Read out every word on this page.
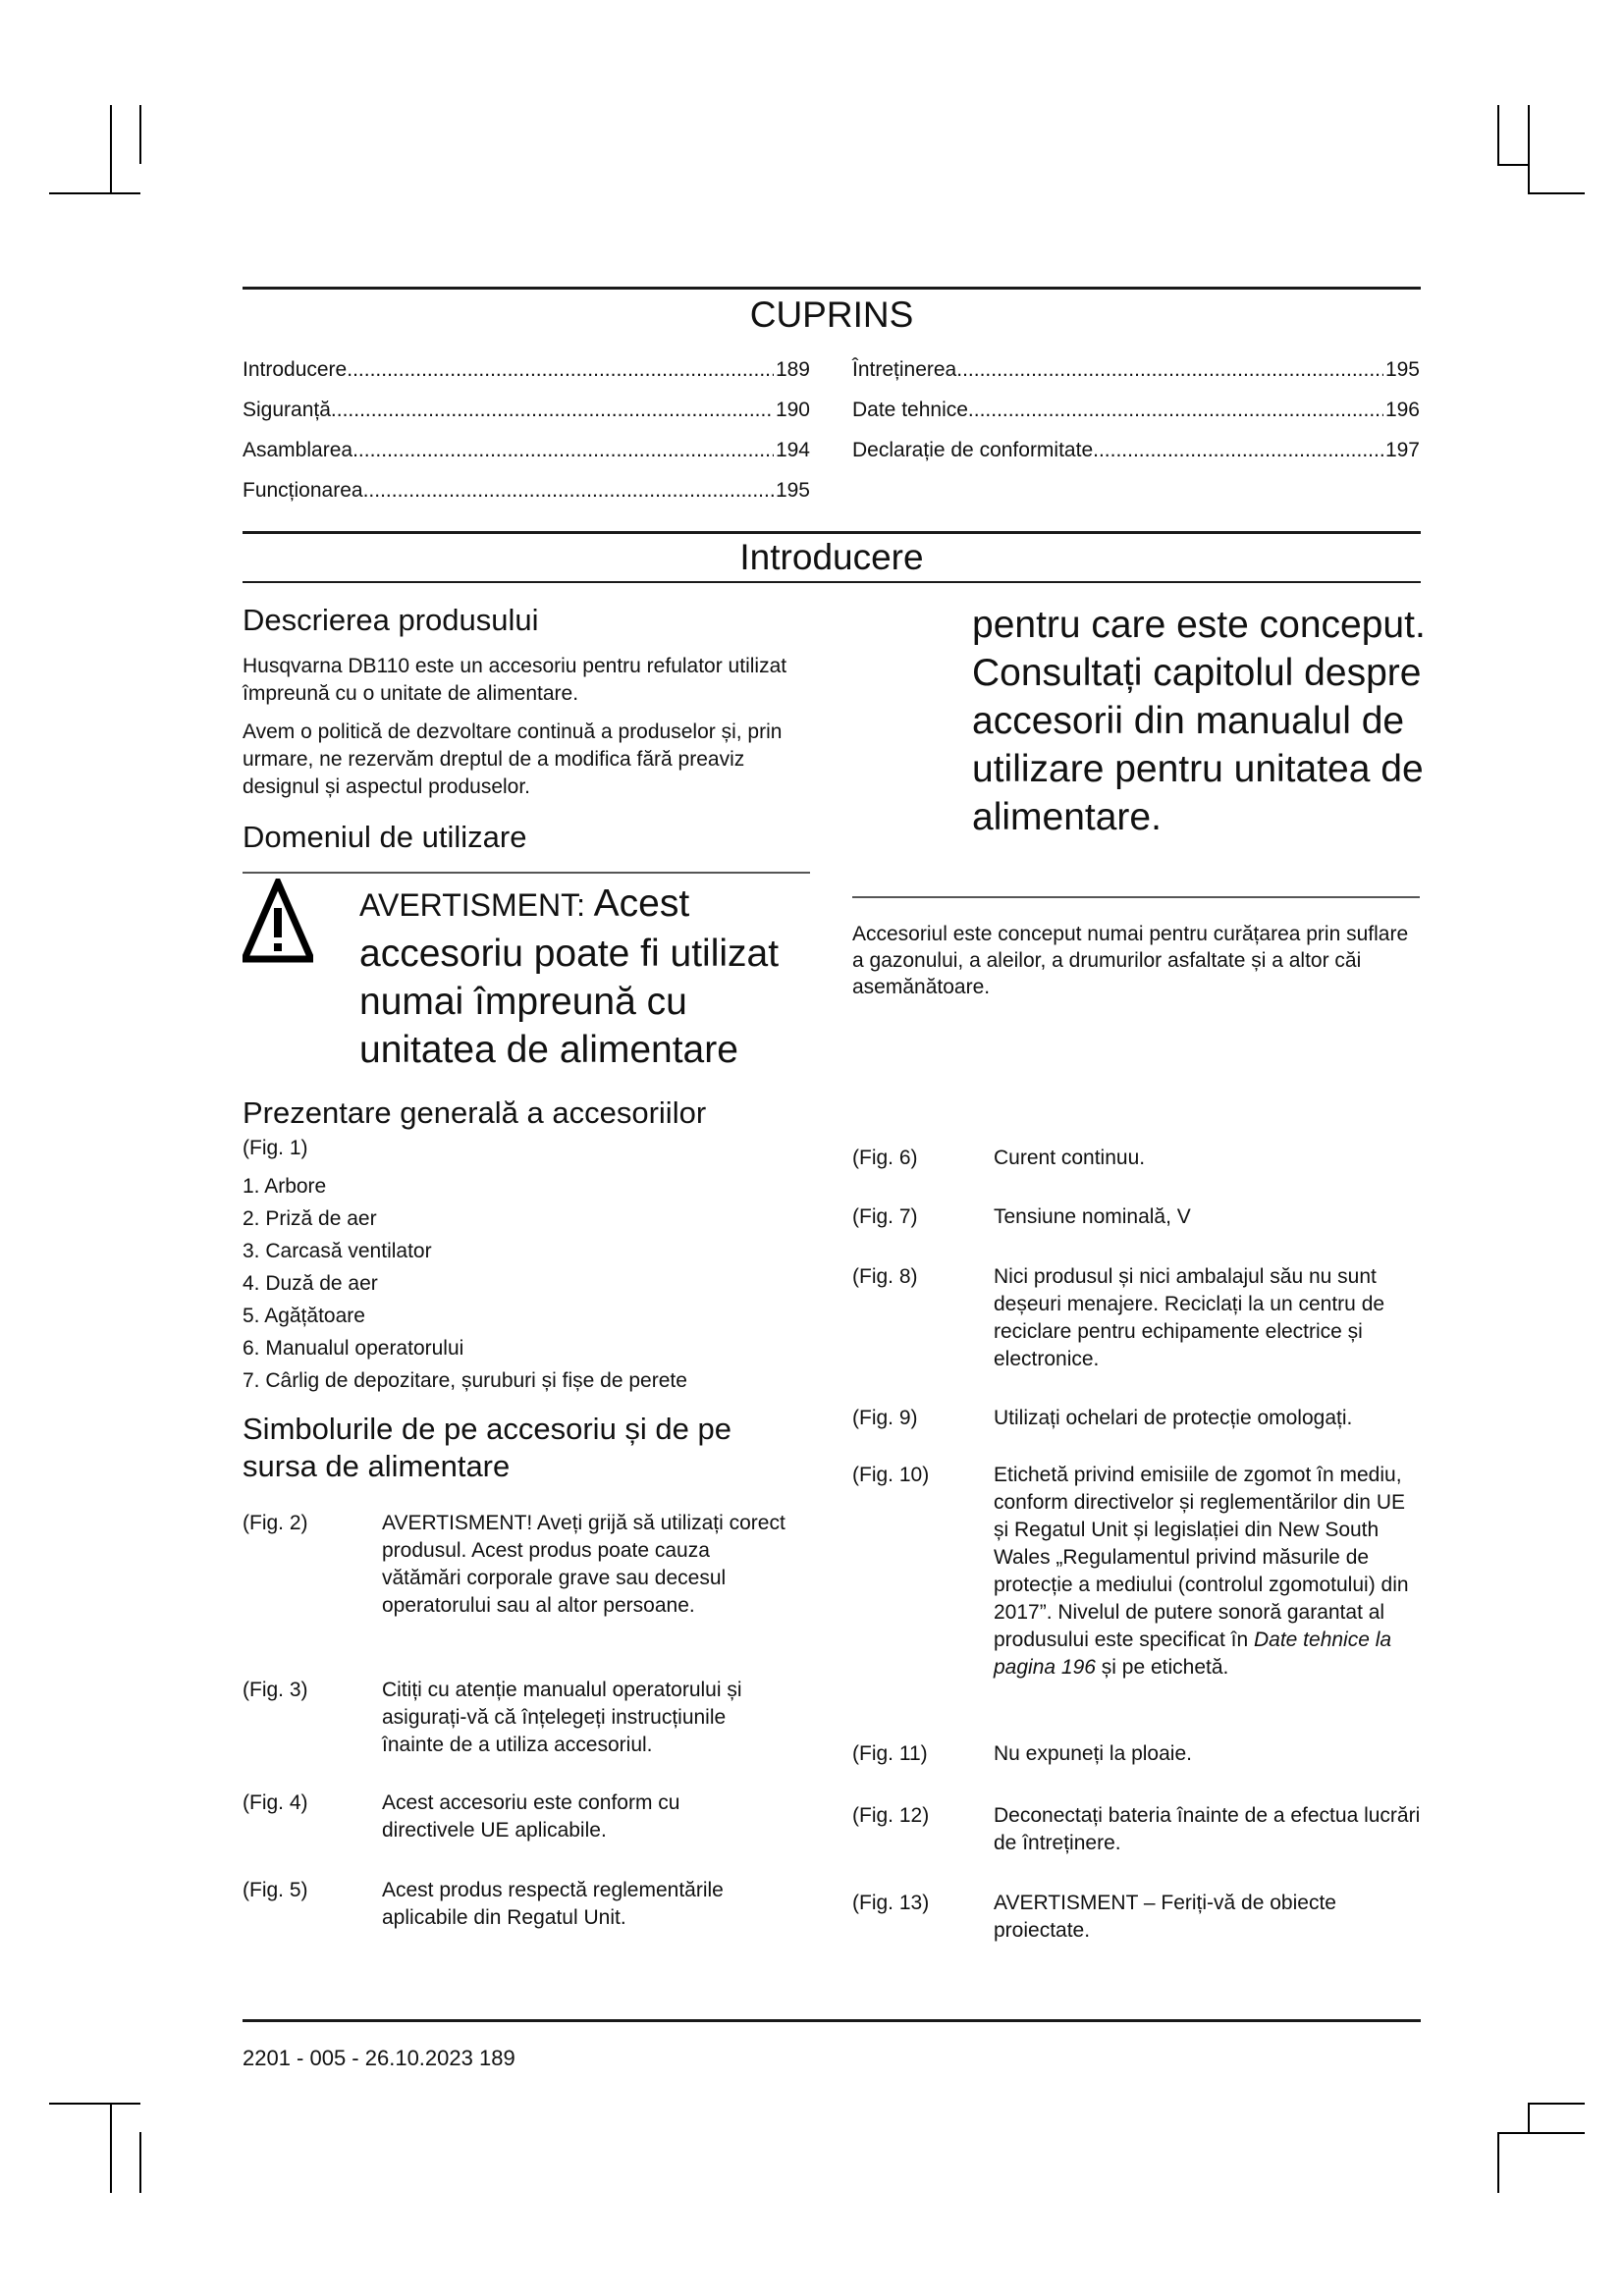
CUPRINS
Introducere .....	189
Siguranță .....	190
Asamblarea .....	194
Funcționarea .....	195
Întreținerea .....	195
Date tehnice .....	196
Declarație de conformitate .....	197
Introducere
Descrierea produsului

Husqvarna DB110 este un accesoriu pentru refulator utilizat împreună cu o unitate de alimentare.

Avem o politică de dezvoltare continuă a produselor și, prin urmare, ne rezervăm dreptul de a modifica fără preaviz designul și aspectul produselor.

Domeniul de utilizare

AVERTISMENT: Acest accesoriu poate fi utilizat numai împreună cu unitatea de alimentare

Prezentare generală a accesoriilor

(Fig. 1)

1. Arbore
2. Priză de aer
3. Carcasă ventilator
4. Duză de aer
5. Agățătoare
6. Manualul operatorului
7. Cârlig de depozitare, șuruburi și fișe de perete
Simbolurile de pe accesoriu și de pe
sursa de alimentare
(Fig. 2)	AVERTISMENT! Aveți grijă să utilizați corect produsul. Acest produs poate cauza vătămări corporale grave sau decesul operatorului sau al altor persoane.
(Fig. 3)	Citiți cu atenție manualul operatorului și asigurați-vă că înțelegeți instrucțiunile înainte de a utiliza accesoriul.
(Fig. 4)	Acest accesoriu este conform cu directivele UE aplicabile.
(Fig. 5)	Acest produs respectă reglementările aplicabile din Regatul Unit.

pentru care este conceput. Consultați capitolul despre accesorii din manualul de utilizare pentru unitatea de alimentare.

Accesoriul este conceput numai pentru curățarea prin suflare a gazonului, a aleilor, a drumurilor asfaltate și a altor căi asemănătoare.

(Fig. 6)	Curent continuu.
(Fig. 7)	Tensiune nominală, V
(Fig. 8)	Nici produsul și nici ambalajul său nu sunt deșeuri menajere. Reciclați la un centru de reciclare pentru echipamente electrice și electronice.
(Fig. 9)	Utilizați ochelari de protecție omologați.
(Fig. 10)	Etichetă privind emisiile de zgomot în mediu, conform directivelor și reglementărilor din UE și Regatul Unit și legislației din New South Wales „Regulamentul privind măsurile de protecție a mediului (controlul zgomotului) din 2017”. Nivelul de putere sonoră garantat al produsului este specificat în Date tehnice la pagina 196 și pe etichetă.
(Fig. 11)	Nu expuneți la ploaie.
(Fig. 12)	Deconectați bateria înainte de a efectua lucrări de întreținere.
(Fig. 13)	AVERTISMENT – Feriți-vă de obiecte proiectate.
2201 - 005 - 26.10.2023 189
